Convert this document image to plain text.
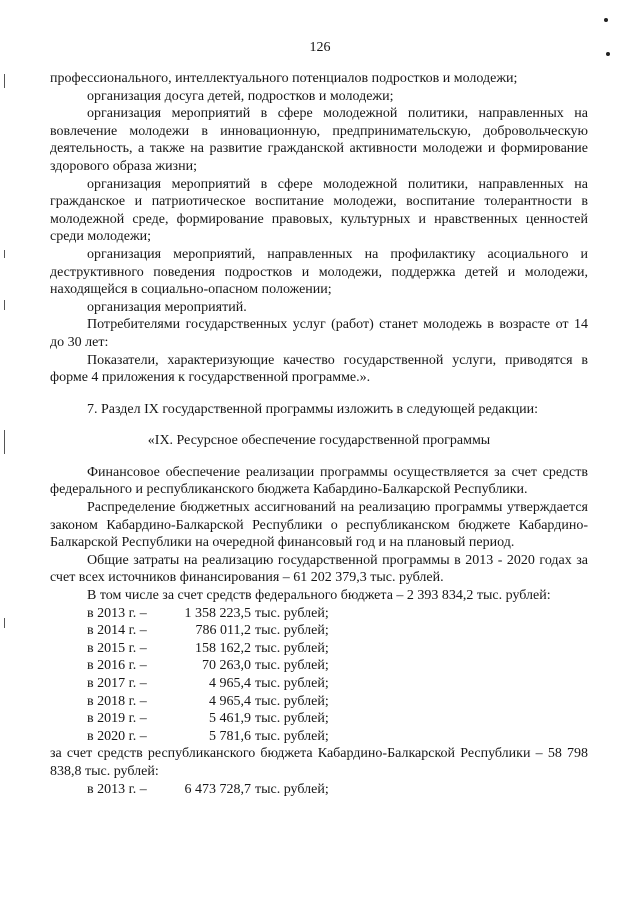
126

профессионального, интеллектуального потенциалов подростков и молодежи;

организация досуга детей, подростков и молодежи;

организация мероприятий в сфере молодежной политики, направленных на вовлечение молодежи в инновационную, предпринимательскую, добровольческую деятельность, а также на развитие гражданской активности молодежи и формирование здорового образа жизни;

организация мероприятий в сфере молодежной политики, направленных на гражданское и патриотическое воспитание молодежи, воспитание толерантности в молодежной среде, формирование правовых, культурных и нравственных ценностей среди молодежи;

организация мероприятий, направленных на профилактику асоциального и деструктивного поведения подростков и молодежи, поддержка детей и молодежи, находящейся в социально-опасном положении;

организация мероприятий.

Потребителями государственных услуг (работ) станет молодежь в возрасте от 14 до 30 лет:

Показатели, характеризующие качество государственной услуги, приводятся в форме 4 приложения к государственной программе.».

7. Раздел IX государственной программы изложить в следующей редакции:

«IX. Ресурсное обеспечение государственной программы

Финансовое обеспечение реализации программы осуществляется за счет средств федерального и республиканского бюджета Кабардино-Балкарской Республики.

Распределение бюджетных ассигнований на реализацию программы утверждается законом Кабардино-Балкарской Республики о республиканском бюджете Кабардино-Балкарской Республики на очередной финансовый год и на плановый период.

Общие затраты на реализацию государственной программы в 2013 - 2020 годах за счет всех источников финансирования – 61 202 379,3 тыс. рублей.

В том числе за счет средств федерального бюджета – 2 393 834,2 тыс. рублей:

в 2013 г. –	1 358 223,5 тыс. рублей;
в 2014 г. –	786 011,2 тыс. рублей;
в 2015 г. –	158 162,2 тыс. рублей;
в 2016 г. –	70 263,0 тыс. рублей;
в 2017 г. –	4 965,4 тыс. рублей;
в 2018 г. –	4 965,4 тыс. рублей;
в 2019 г. –	5 461,9 тыс. рублей;
в 2020 г. –	5 781,6 тыс. рублей;

за счет средств республиканского бюджета Кабардино-Балкарской Республики – 58 798 838,8 тыс. рублей:

в 2013 г. –	6 473 728,7 тыс. рублей;
